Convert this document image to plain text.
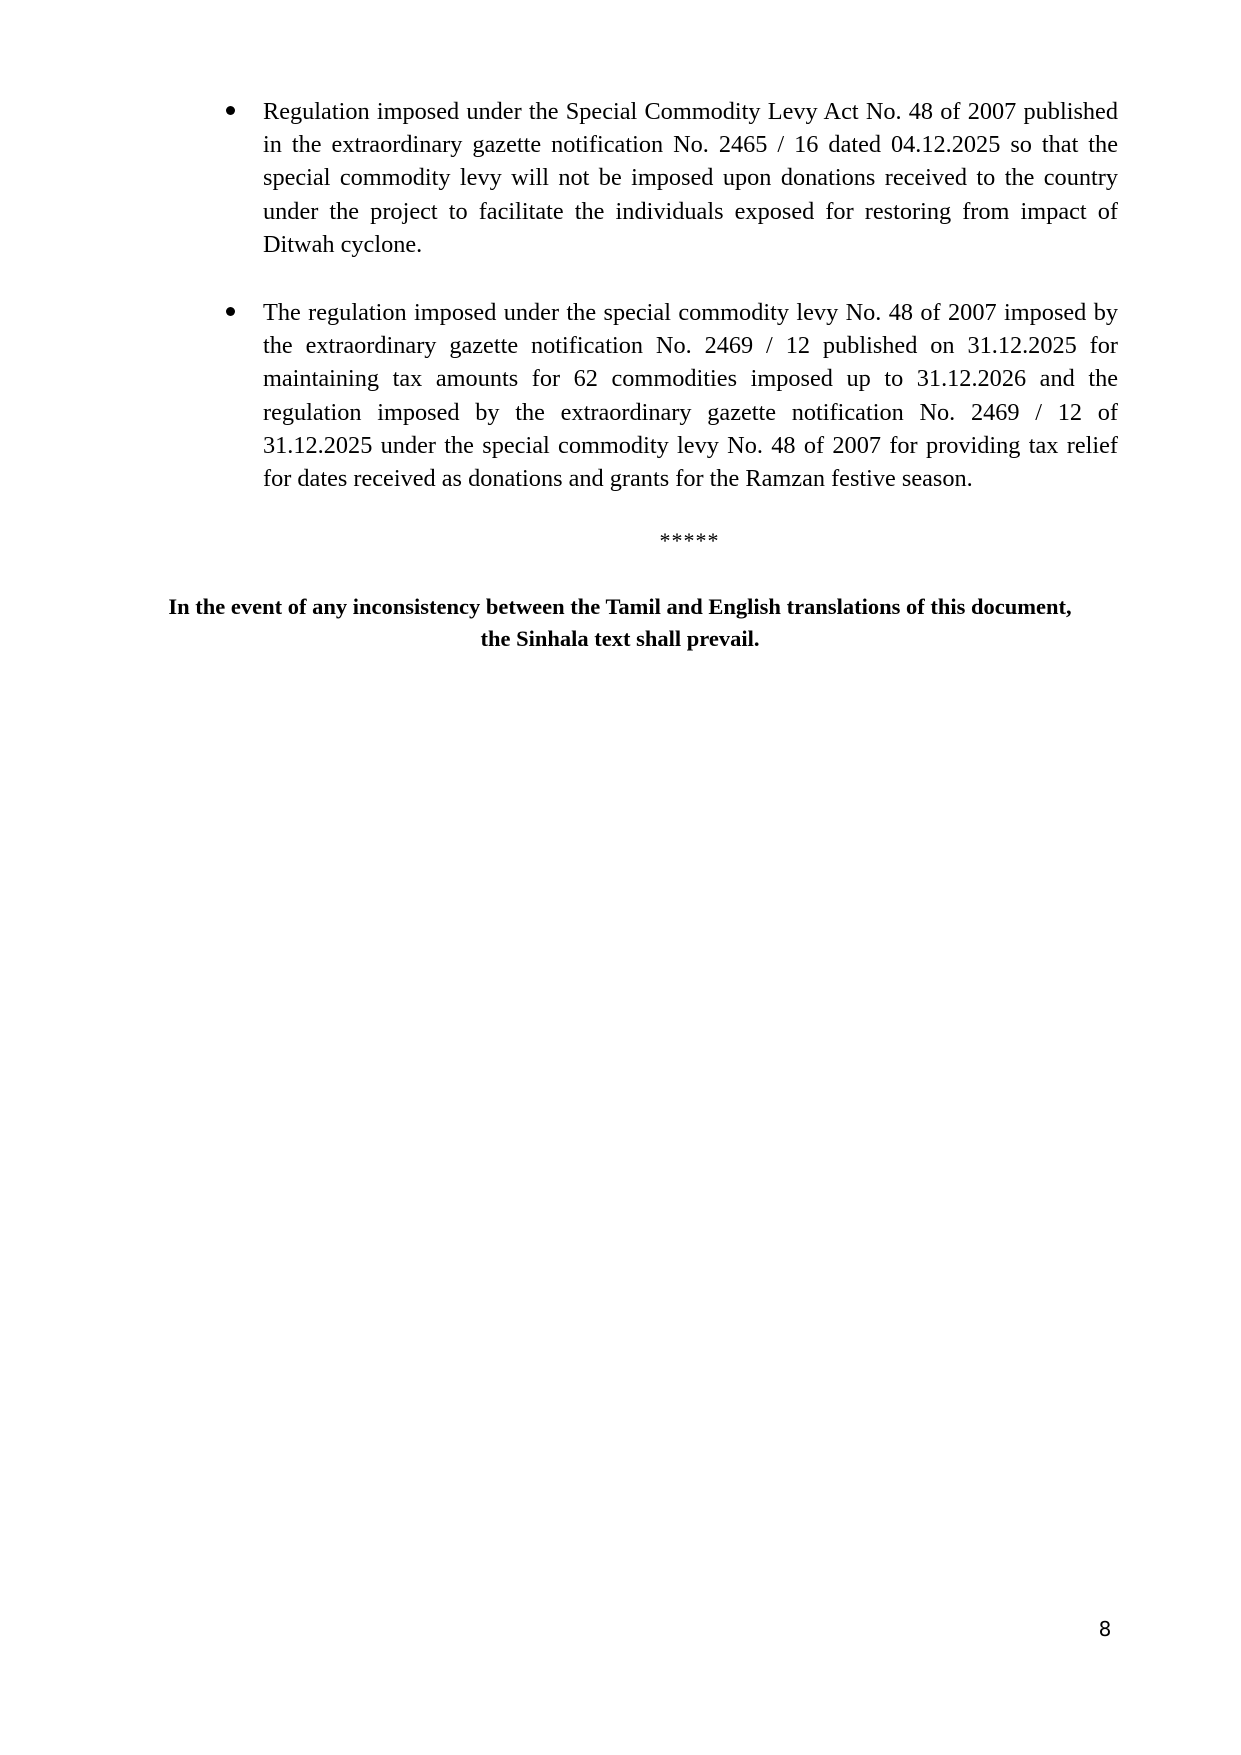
Regulation imposed under the Special Commodity Levy Act No. 48 of 2007 published in the extraordinary gazette notification No. 2465 / 16 dated 04.12.2025 so that the special commodity levy will not be imposed upon donations received to the country under the project to facilitate the individuals exposed for restoring from impact of Ditwah cyclone.
The regulation imposed under the special commodity levy No. 48 of 2007 imposed by the extraordinary gazette notification No. 2469 / 12 published on 31.12.2025 for maintaining tax amounts for 62 commodities imposed up to 31.12.2026 and the regulation imposed by the extraordinary gazette notification No. 2469 / 12 of 31.12.2025 under the special commodity levy No. 48 of 2007 for providing tax relief for dates received as donations and grants for the Ramzan festive season.
*****
In the event of any inconsistency between the Tamil and English translations of this document,
the Sinhala text shall prevail.
8
